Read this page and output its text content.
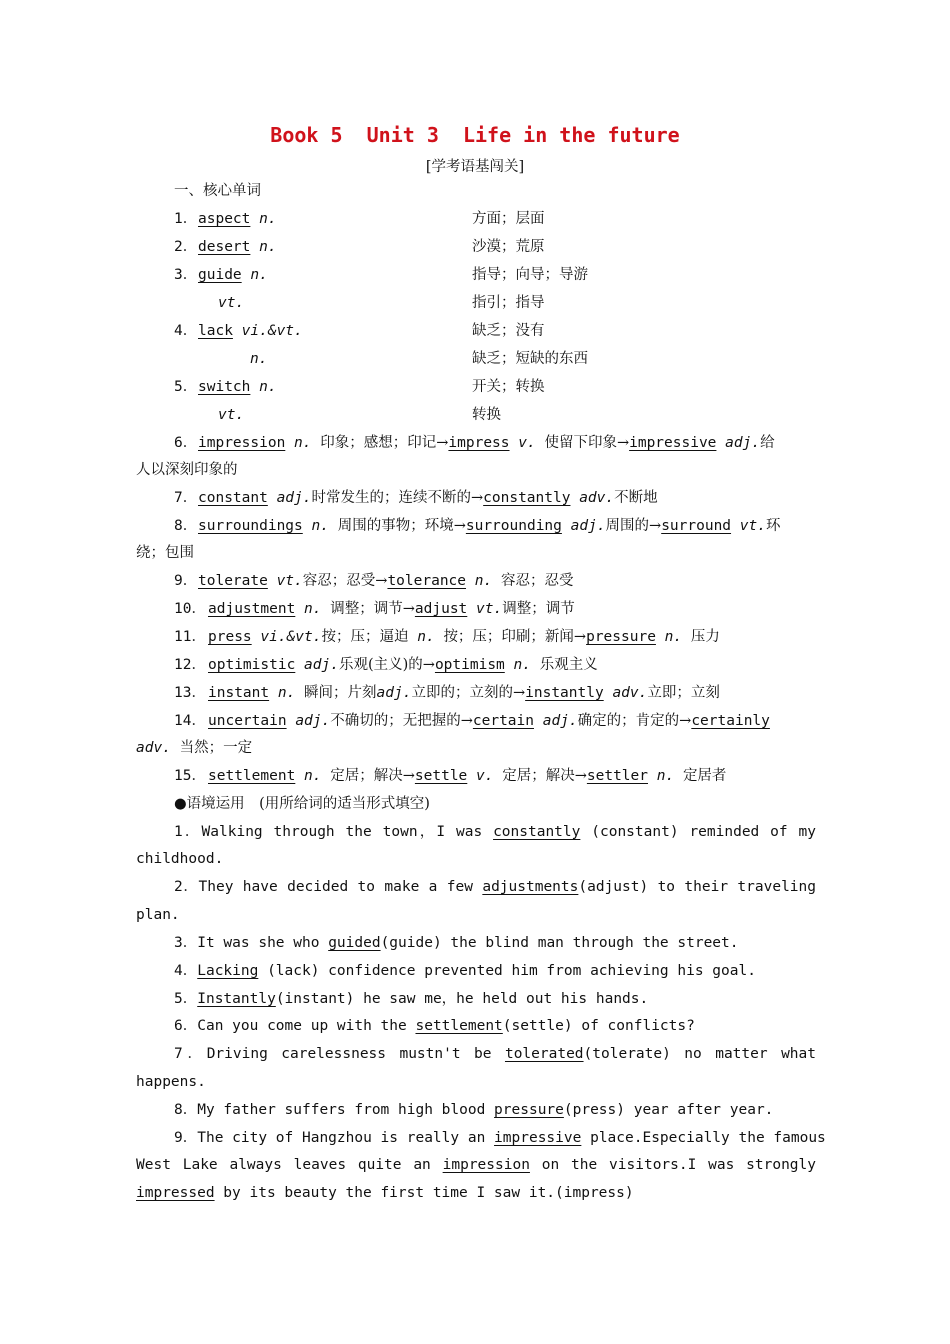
Book 5  Unit 3  Life in the future
[学考语基闯关]
一、核心单词
1．aspect n.	方面；层面
2．desert n.	沙漠；荒原
3．guide n.	指导；向导；导游
vt.	指引；指导
4．lack vi.&vt.	缺乏；没有
n.	缺乏；短缺的东西
5．switch n.	开关；转换
vt.	转换
6．impression n. 印象；感想；印记→impress v. 使留下印象→impressive adj.给
人以深刻印象的
7．constant adj.时常发生的；连续不断的→constantly adv.不断地
8．surroundings n. 周围的事物；环境→surrounding adj.周围的→surround vt.环
绕；包围
9．tolerate vt.容忍；忍受→tolerance n. 容忍；忍受
10． adjustment n. 调整；调节→adjust vt.调整；调节
11． press vi.&vt.按；压；逼迫 n. 按；压；印刷；新闻→pressure n. 压力
12． optimistic adj.乐观(主义)的→optimism n. 乐观主义
13． instant n. 瞬间；片刻adj.立即的；立刻的→instantly adv.立即；立刻
14． uncertain adj.不确切的；无把握的→certain adj.确定的；肯定的→certainly
adv. 当然；一定
15． settlement n. 定居；解决→settle v. 定居；解决→settler n. 定居者
●语境运用　(用所给词的适当形式填空)
1．Walking through the town，I was constantly (constant) reminded of my
childhood.
2．They have decided to make a few adjustments(adjust) to their traveling
plan.
3．It was she who guided(guide) the blind man through the street.
4．Lacking (lack) confidence prevented him from achieving his goal.
5．Instantly(instant) he saw me，he held out his hands.
6．Can you come up with the settlement(settle) of conflicts?
7．Driving carelessness mustn't be tolerated(tolerate) no matter what
happens.
8．My father suffers from high blood pressure(press) year after year.
9．The city of Hangzhou is really an impressive place.Especially the famous
West Lake always leaves quite an impression on the visitors.I was strongly
impressed by its beauty the first time I saw it.(impress)
